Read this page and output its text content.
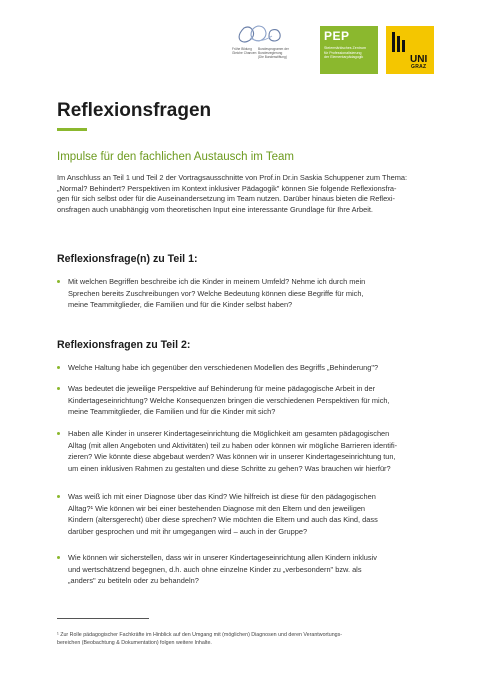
Frühe Bildung
Gleiche Chancen
Bundesprogramm der
Bundesregierung
(Die Bundesstiftung)
PEP
Steiermärkisches Zentrum
für Professionalisierung
der Elementarpädagogik	UNI
GRAZ
Reflexionsfragen

Impulse für den fachlichen Austausch im Team

Im Anschluss an Teil 1 und Teil 2 der Vortragsausschnitte von Prof.in Dr.in Saskia Schuppener zum Thema:
„Normal? Behindert? Perspektiven im Kontext inklusiver Pädagogik" können Sie folgende Reflexionsfra-
gen für sich selbst oder für die Auseinandersetzung im Team nutzen. Darüber hinaus bieten die Reflexi-
onsfragen auch unabhängig vom theoretischen Input eine interessante Grundlage für Ihre Arbeit.

Reflexionsfrage(n) zu Teil 1:
Mit welchen Begriffen beschreibe ich die Kinder in meinem Umfeld? Nehme ich durch mein
Sprechen bereits Zuschreibungen vor? Welche Bedeutung können diese Begriffe für mich,
meine Teammitglieder, die Familien und für die Kinder selbst haben?
Reflexionsfragen zu Teil 2:
Welche Haltung habe ich gegenüber den verschiedenen Modellen des Begriffs „Behinderung"?
Was bedeutet die jeweilige Perspektive auf Behinderung für meine pädagogische Arbeit in der
Kindertageseinrichtung? Welche Konsequenzen bringen die verschiedenen Perspektiven für mich,
meine Teammitglieder, die Familien und für die Kinder mit sich?
Haben alle Kinder in unserer Kindertageseinrichtung die Möglichkeit am gesamten pädagogischen
Alltag (mit allen Angeboten und Aktivitäten) teil zu haben oder können wir mögliche Barrieren identifi-
zieren? Wie könnte diese abgebaut werden? Was können wir in unserer Kindertageseinrichtung tun,
um einen inklusiven Rahmen zu gestalten und diese Schritte zu gehen? Was brauchen wir hierfür?
Was weiß ich mit einer Diagnose über das Kind? Wie hilfreich ist diese für den pädagogischen
Alltag?¹ Wie können wir bei einer bestehenden Diagnose mit den Eltern und den jeweiligen
Kindern (altersgerecht) über diese sprechen? Wie möchten die Eltern und auch das Kind, dass
darüber gesprochen und mit ihr umgegangen wird – auch in der Gruppe?
Wie können wir sicherstellen, dass wir in unserer Kindertageseinrichtung allen Kindern inklusiv
und wertschätzend begegnen, d.h. auch ohne einzelne Kinder zu „verbesondern" bzw. als
„anders" zu betiteln oder zu behandeln?

¹ Zur Rolle pädagogischer Fachkräfte im Hinblick auf den Umgang mit (möglichen) Diagnosen und deren Verantwortungs-
bereichen (Beobachtung & Dokumentation) folgen weitere Inhalte.
